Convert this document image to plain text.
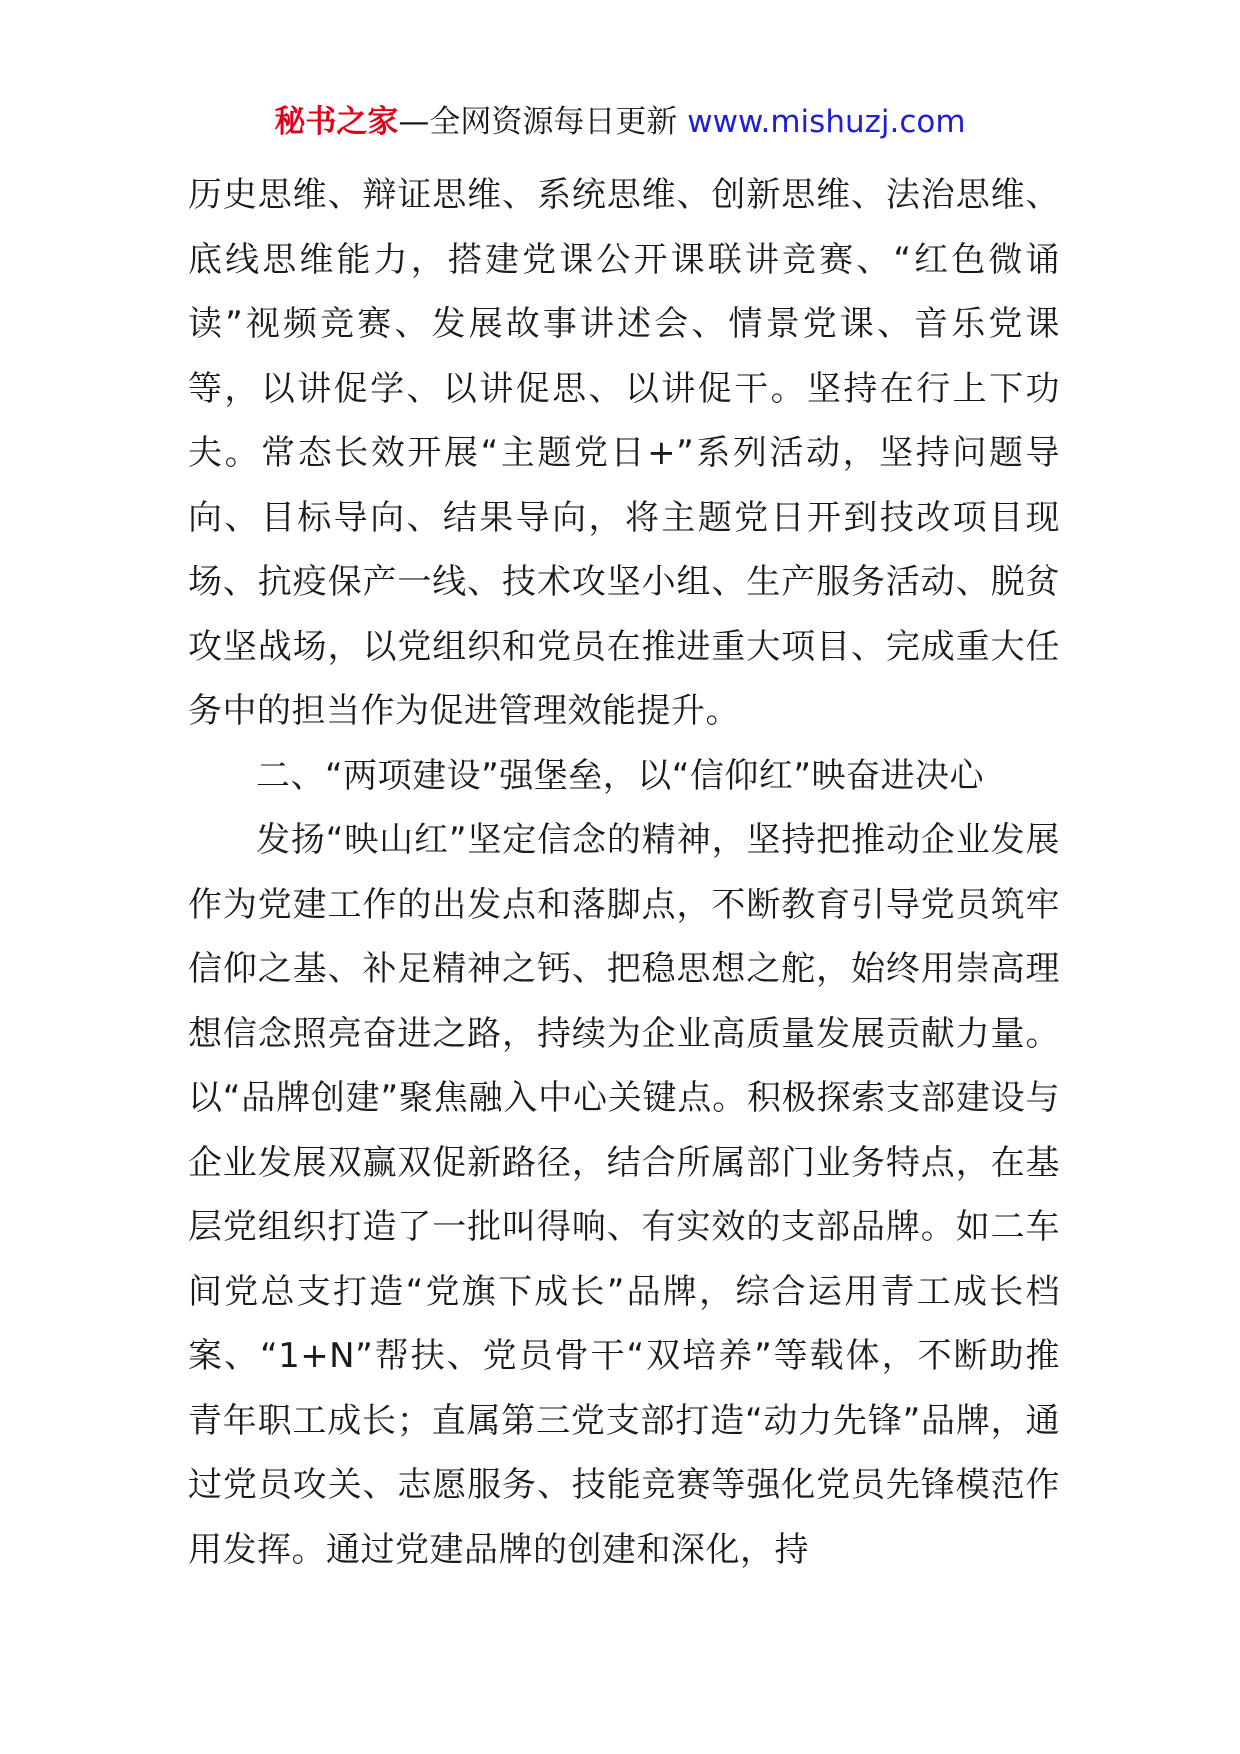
秘书之家—全网资源每日更新 www.mishuzj.com

历史思维、辩证思维、系统思维、创新思维、法治思维、底线思维能力，搭建党课公开课联讲竞赛、“红色微诵读”视频竞赛、发展故事讲述会、情景党课、音乐党课等，以讲促学、以讲促思、以讲促干。坚持在行上下功夫。常态长效开展“主题党日+”系列活动，坚持问题导向、目标导向、结果导向，将主题党日开到技改项目现场、抗疫保产一线、技术攻坚小组、生产服务活动、脱贫攻坚战场，以党组织和党员在推进重大项目、完成重大任务中的担当作为促进管理效能提升。

二、“两项建设”强堡垒，以“信仰红”映奋进决心

发扬“映山红”坚定信念的精神，坚持把推动企业发展作为党建工作的出发点和落脚点，不断教育引导党员筑牢信仰之基、补足精神之钙、把稳思想之舵，始终用崇高理想信念照亮奋进之路，持续为企业高质量发展贡献力量。以“品牌创建”聚焦融入中心关键点。积极探索支部建设与企业发展双赢双促新路径，结合所属部门业务特点，在基层党组织打造了一批叫得响、有实效的支部品牌。如二车间党总支打造“党旗下成长”品牌，综合运用青工成长档案、“1+N”帮扶、党员骨干“双培养”等载体，不断助推青年职工成长；直属第三党支部打造“动力先锋”品牌，通过党员攻关、志愿服务、技能竞赛等强化党员先锋模范作用发挥。通过党建品牌的创建和深化，持
